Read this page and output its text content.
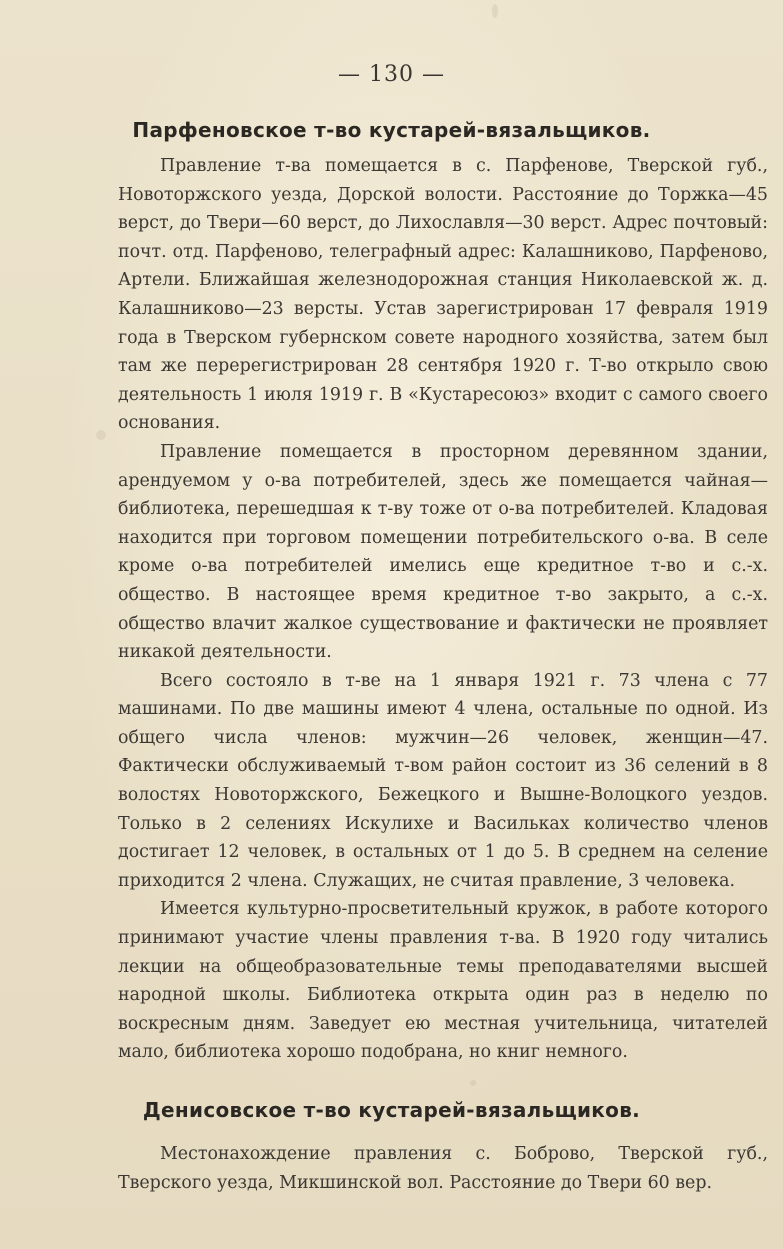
— 130 —
Парфеновское т-во кустарей-вязальщиков.

Правление т-ва помещается в с. Парфенове, Тверской губ., Новоторжского уезда, Дорской волости. Расстояние до Торжка—45 верст, до Твери—60 верст, до Лихославля—30 верст. Адрес почтовый: почт. отд. Парфеново, телеграфный адрес: Калашниково, Парфеново, Артели. Ближайшая железнодорожная станция Николаевской ж. д. Калашниково—23 версты. Устав зарегистрирован 17 февраля 1919 года в Тверском губернском совете народного хозяйства, затем был там же перерегистрирован 28 сентября 1920 г. Т-во открыло свою деятельность 1 июля 1919 г. В «Кустаресоюз» входит с самого своего основания.

Правление помещается в просторном деревянном здании, арендуемом у о-ва потребителей, здесь же помещается чайная—библиотека, перешедшая к т-ву тоже от о-ва потребителей. Кладовая находится при торговом помещении потребительского о-ва. В селе кроме о-ва потребителей имелись еще кредитное т-во и с.-х. общество. В настоящее время кредитное т-во закрыто, а с.-х. общество влачит жалкое существование и фактически не проявляет никакой деятельности.

Всего состояло в т-ве на 1 января 1921 г. 73 члена с 77 машинами. По две машины имеют 4 члена, остальные по одной. Из общего числа членов: мужчин—26 человек, женщин—47. Фактически обслуживаемый т-вом район состоит из 36 селений в 8 волостях Новоторжского, Бежецкого и Вышне-Волоцкого уездов. Только в 2 селениях Искулихе и Васильках количество членов достигает 12 человек, в остальных от 1 до 5. В среднем на селение приходится 2 члена. Служащих, не считая правление, 3 человека.

Имеется культурно-просветительный кружок, в работе которого принимают участие члены правления т-ва. В 1920 году читались лекции на общеобразовательные темы преподавателями высшей народной школы. Библиотека открыта один раз в неделю по воскресным дням. Заведует ею местная учительница, читателей мало, библиотека хорошо подобрана, но книг немного.

Денисовское т-во кустарей-вязальщиков.

Местонахождение правления с. Боброво, Тверской губ., Тверского уезда, Микшинской вол. Расстояние до Твери 60 вер.
